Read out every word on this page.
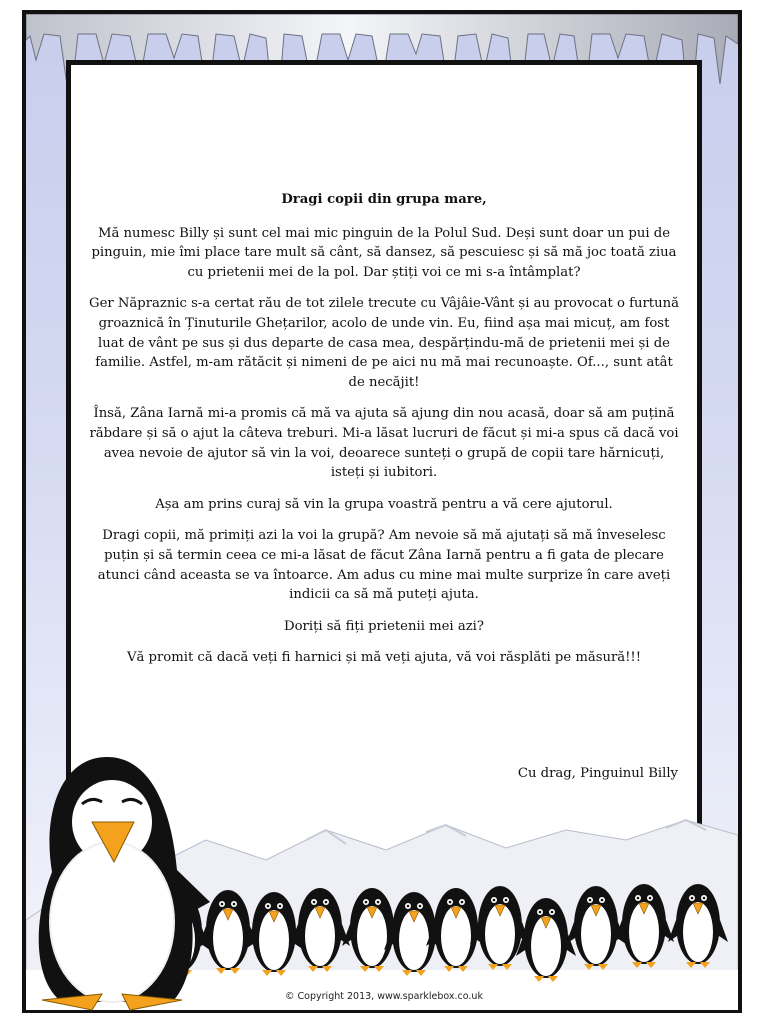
Dragi copii din grupa mare,

Mă numesc Billy și sunt cel mai mic pinguin de la Polul Sud. Deși sunt doar un pui de pinguin, mie îmi place tare mult să cânt, să dansez, să pescuiesc și să mă joc toată ziua cu prietenii mei de la pol. Dar știți voi ce mi s-a întâmplat?

Ger Năpraznic s-a certat rău de tot zilele trecute cu Vâjâie-Vânt și au provocat o furtună groaznică în Ținuturile Ghețarilor, acolo de unde vin. Eu, fiind așa mai micuț, am fost luat de vânt pe sus și dus departe de casa mea, despărțindu-mă de prietenii mei și de familie. Astfel, m-am rătăcit și nimeni de pe aici nu mă mai recunoaște. Of..., sunt atât de necăjit!

Însă, Zâna Iarnă mi-a promis că mă va ajuta să ajung din nou acasă, doar să am puțină răbdare și să o ajut la câteva treburi. Mi-a lăsat lucruri de făcut și mi-a spus că dacă voi avea nevoie de ajutor să vin la voi, deoarece sunteți o grupă de copii tare hărnicuți, isteți și iubitori.

Așa am prins curaj să vin la grupa voastră pentru a vă cere ajutorul.

Dragi copii, mă primiți azi la voi la grupă? Am nevoie să mă ajutați să mă înveselesc puțin și să termin ceea ce mi-a lăsat de făcut Zâna Iarnă pentru a fi gata de plecare atunci când aceasta se va întoarce. Am adus cu mine mai multe surprize în care aveți indicii ca să mă puteți ajuta.

Doriți să fiți prietenii mei azi?

Vă promit că dacă veți fi harnici și mă veți ajuta, vă voi răsplăti pe măsură!!!

Cu drag, Pinguinul Billy
© Copyright 2013, www.sparklebox.co.uk
